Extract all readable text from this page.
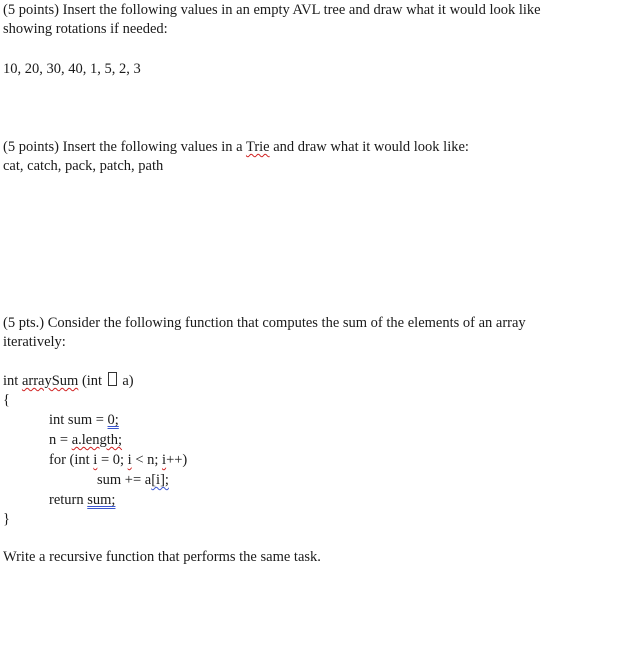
(5 points) Insert the following values in an empty AVL tree and draw what it would look like
showing rotations if needed:
10, 20, 30, 40, 1, 5, 2, 3
(5 points) Insert the following values in a Trie and draw what it would look like:
cat, catch, pack, patch, path
(5 pts.) Consider the following function that computes the sum of the elements of an array
iteratively:
int arraySum (int  a)
{
int sum = 0;
n = a.length;
for (int i = 0; i < n; i++)
sum += a[i];
return sum;
}
Write a recursive function that performs the same task.
